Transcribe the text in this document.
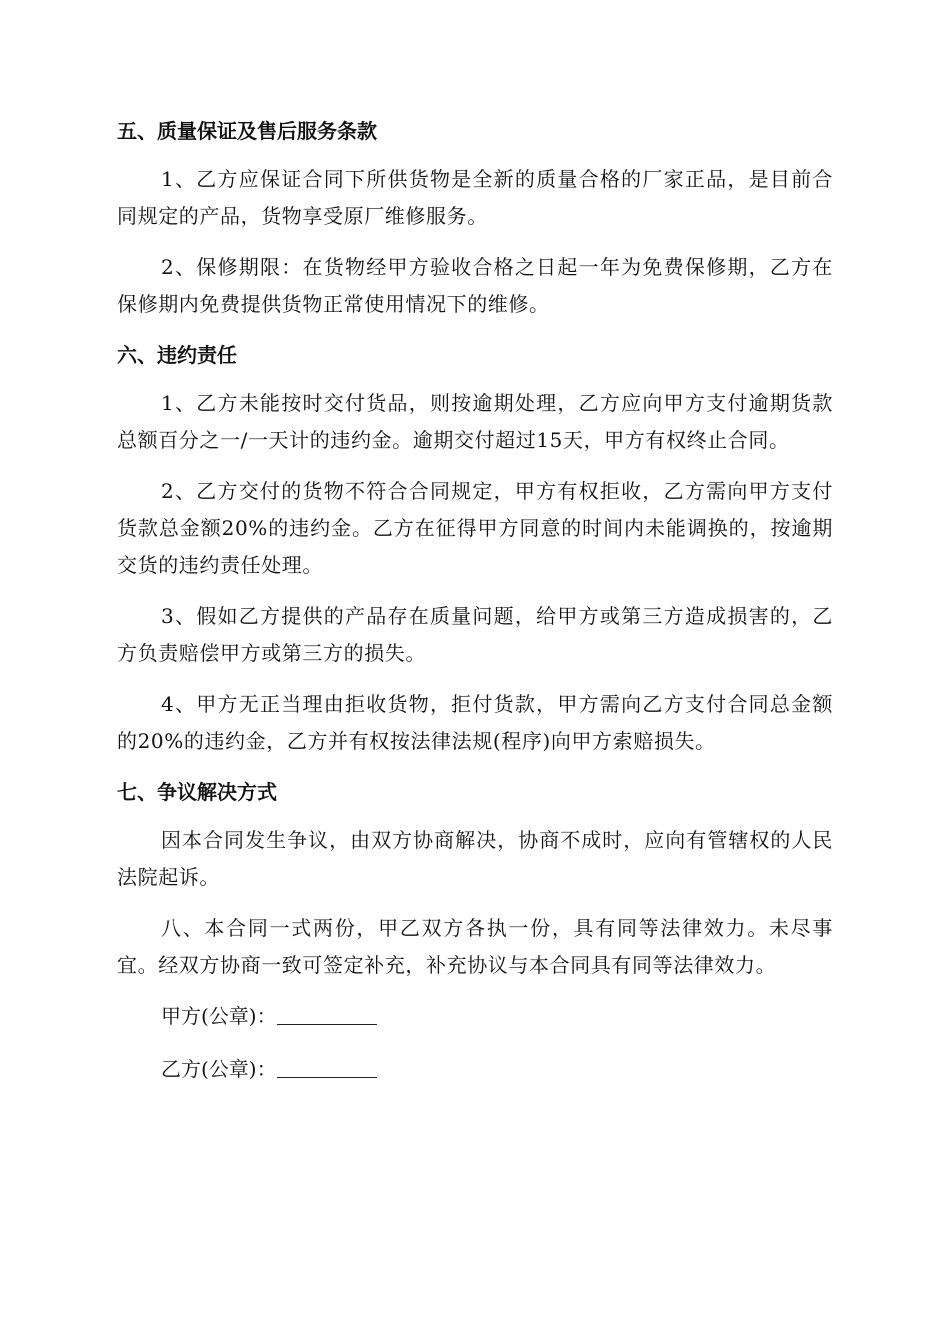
五、质量保证及售后服务条款

1、乙方应保证合同下所供货物是全新的质量合格的厂家正品，是目前合同规定的产品，货物享受原厂维修服务。

2、保修期限：在货物经甲方验收合格之日起一年为免费保修期，乙方在保修期内免费提供货物正常使用情况下的维修。

六、违约责任

1、乙方未能按时交付货品，则按逾期处理，乙方应向甲方支付逾期货款总额百分之一/一天计的违约金。逾期交付超过15天，甲方有权终止合同。

2、乙方交付的货物不符合合同规定，甲方有权拒收，乙方需向甲方支付货款总金额20%的违约金。乙方在征得甲方同意的时间内未能调换的，按逾期交货的违约责任处理。

3、假如乙方提供的产品存在质量问题，给甲方或第三方造成损害的，乙方负责赔偿甲方或第三方的损失。

4、甲方无正当理由拒收货物，拒付货款，甲方需向乙方支付合同总金额的20%的违约金，乙方并有权按法律法规(程序)向甲方索赔损失。

七、争议解决方式

因本合同发生争议，由双方协商解决，协商不成时，应向有管辖权的人民法院起诉。

八、本合同一式两份，甲乙双方各执一份，具有同等法律效力。未尽事宜。经双方协商一致可签定补充，补充协议与本合同具有同等法律效力。

甲方(公章)：
乙方(公章)：
